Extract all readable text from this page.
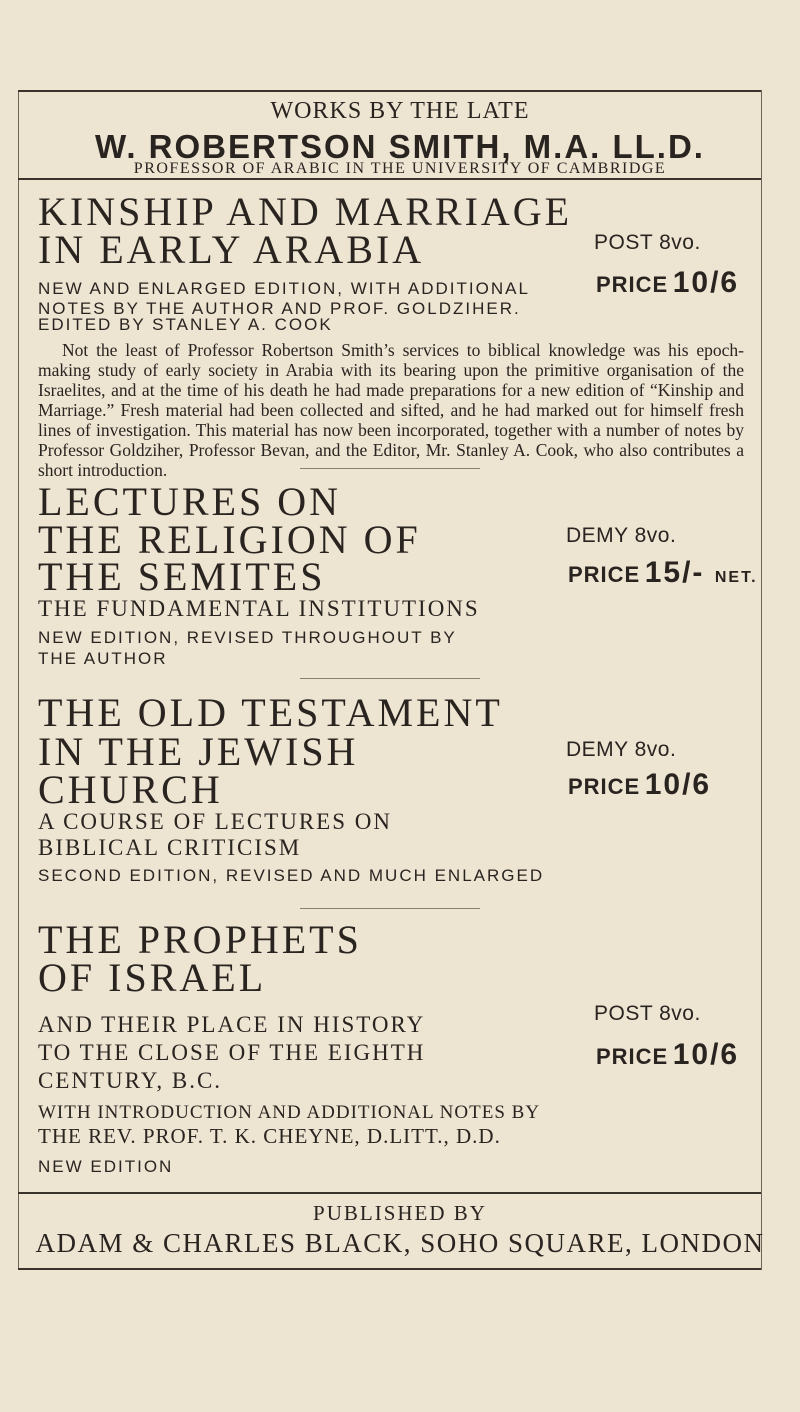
WORKS BY THE LATE
W. ROBERTSON SMITH, M.A. LL.D.
PROFESSOR OF ARABIC IN THE UNIVERSITY OF CAMBRIDGE
KINSHIP AND MARRIAGE
IN EARLY ARABIA	POST 8vo.
PRICE 10/6
NEW AND ENLARGED EDITION, WITH ADDITIONAL
NOTES BY THE AUTHOR AND PROF. GOLDZIHER.
EDITED BY STANLEY A. COOK
Not the least of Professor Robertson Smith’s services to biblical knowledge was his epoch-making study of early society in Arabia with its bearing upon the primitive organisation of the Israelites, and at the time of his death he had made preparations for a new edition of “Kinship and Marriage.” Fresh material had been collected and sifted, and he had marked out for himself fresh lines of investigation. This material has now been incorporated, together with a number of notes by Professor Goldziher, Professor Bevan, and the Editor, Mr. Stanley A. Cook, who also contributes a short introduction.
LECTURES ON
THE RELIGION OF
THE SEMITES
DEMY 8vo.
PRICE 15/- NET.
THE FUNDAMENTAL INSTITUTIONS
NEW EDITION, REVISED THROUGHOUT BY
THE AUTHOR
THE OLD TESTAMENT
IN THE JEWISH
CHURCH
DEMY 8vo.
PRICE 10/6
A COURSE OF LECTURES ON
BIBLICAL CRITICISM
SECOND EDITION, REVISED AND MUCH ENLARGED
THE PROPHETS
OF ISRAEL
POST 8vo.
PRICE 10/6
AND THEIR PLACE IN HISTORY
TO THE CLOSE OF THE EIGHTH
CENTURY, B.C.
WITH INTRODUCTION AND ADDITIONAL NOTES BY
THE REV. PROF. T. K. CHEYNE, D.LITT., D.D.
NEW EDITION
PUBLISHED BY
ADAM & CHARLES BLACK, SOHO SQUARE, LONDON
